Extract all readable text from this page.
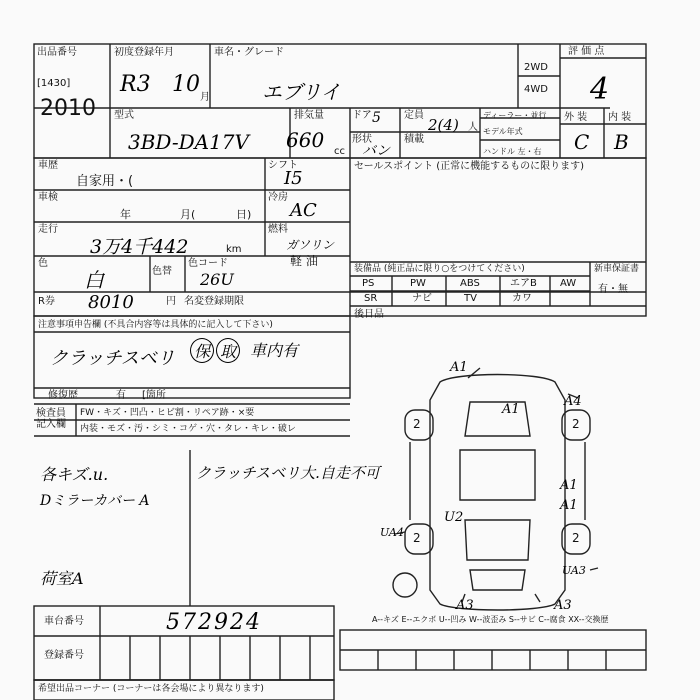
出品番号
[1430]
2010
初度登録年月
R3 10
月
車名・グレード
エブリイ
2WD
4WD
評 価 点
4
型式
3BD-DA17V
排気量
660 cc
ドア 5
形状
バン
定員
2(4) 人
積載
ディーラー・並行
モデル年式
ハンドル 左・右
外 装 内 装
C B
車歴
自家用・(
シフト
I5
車検
年	月(	日)
冷房
AC
走行
3万4千442	km
燃料
ガソリン
軽 油
色
白	色替
色コード
26U
R券 8010	円 名変登録期限
セールスポイント (正常に機能するものに限ります)
装備品 (純正品に限り○をつけてください)	新車保証書
有・無
PS	PW	ABS	エアB AW
SR	ナビ	TV	カワ
後日品
注意事項申告欄 (不具合内容等は具体的に記入して下さい)
クラッチスベリ 保 取 車内有
修復歴	有 [箇所
検査員 記入欄
FW・キズ・凹凸・ヒビ割・リペア跡・×要
内装・モズ・汚・シミ・コゲ・穴・タレ・キレ・破レ
各キズ.u.
Dミラーカバー A
荷室A
クラッチスベリ大.自走不可
車台番号	572924
登録番号
希望出品コーナー (コーナーは各会場により異なります)
A1
A1
A4
A1
A1
U2
UA4
UA3
A3	A3
2	2
2	2
A--キズ E--エクボ U--凹み W--波歪み S--サビ C--腐食 XX--交換歴
